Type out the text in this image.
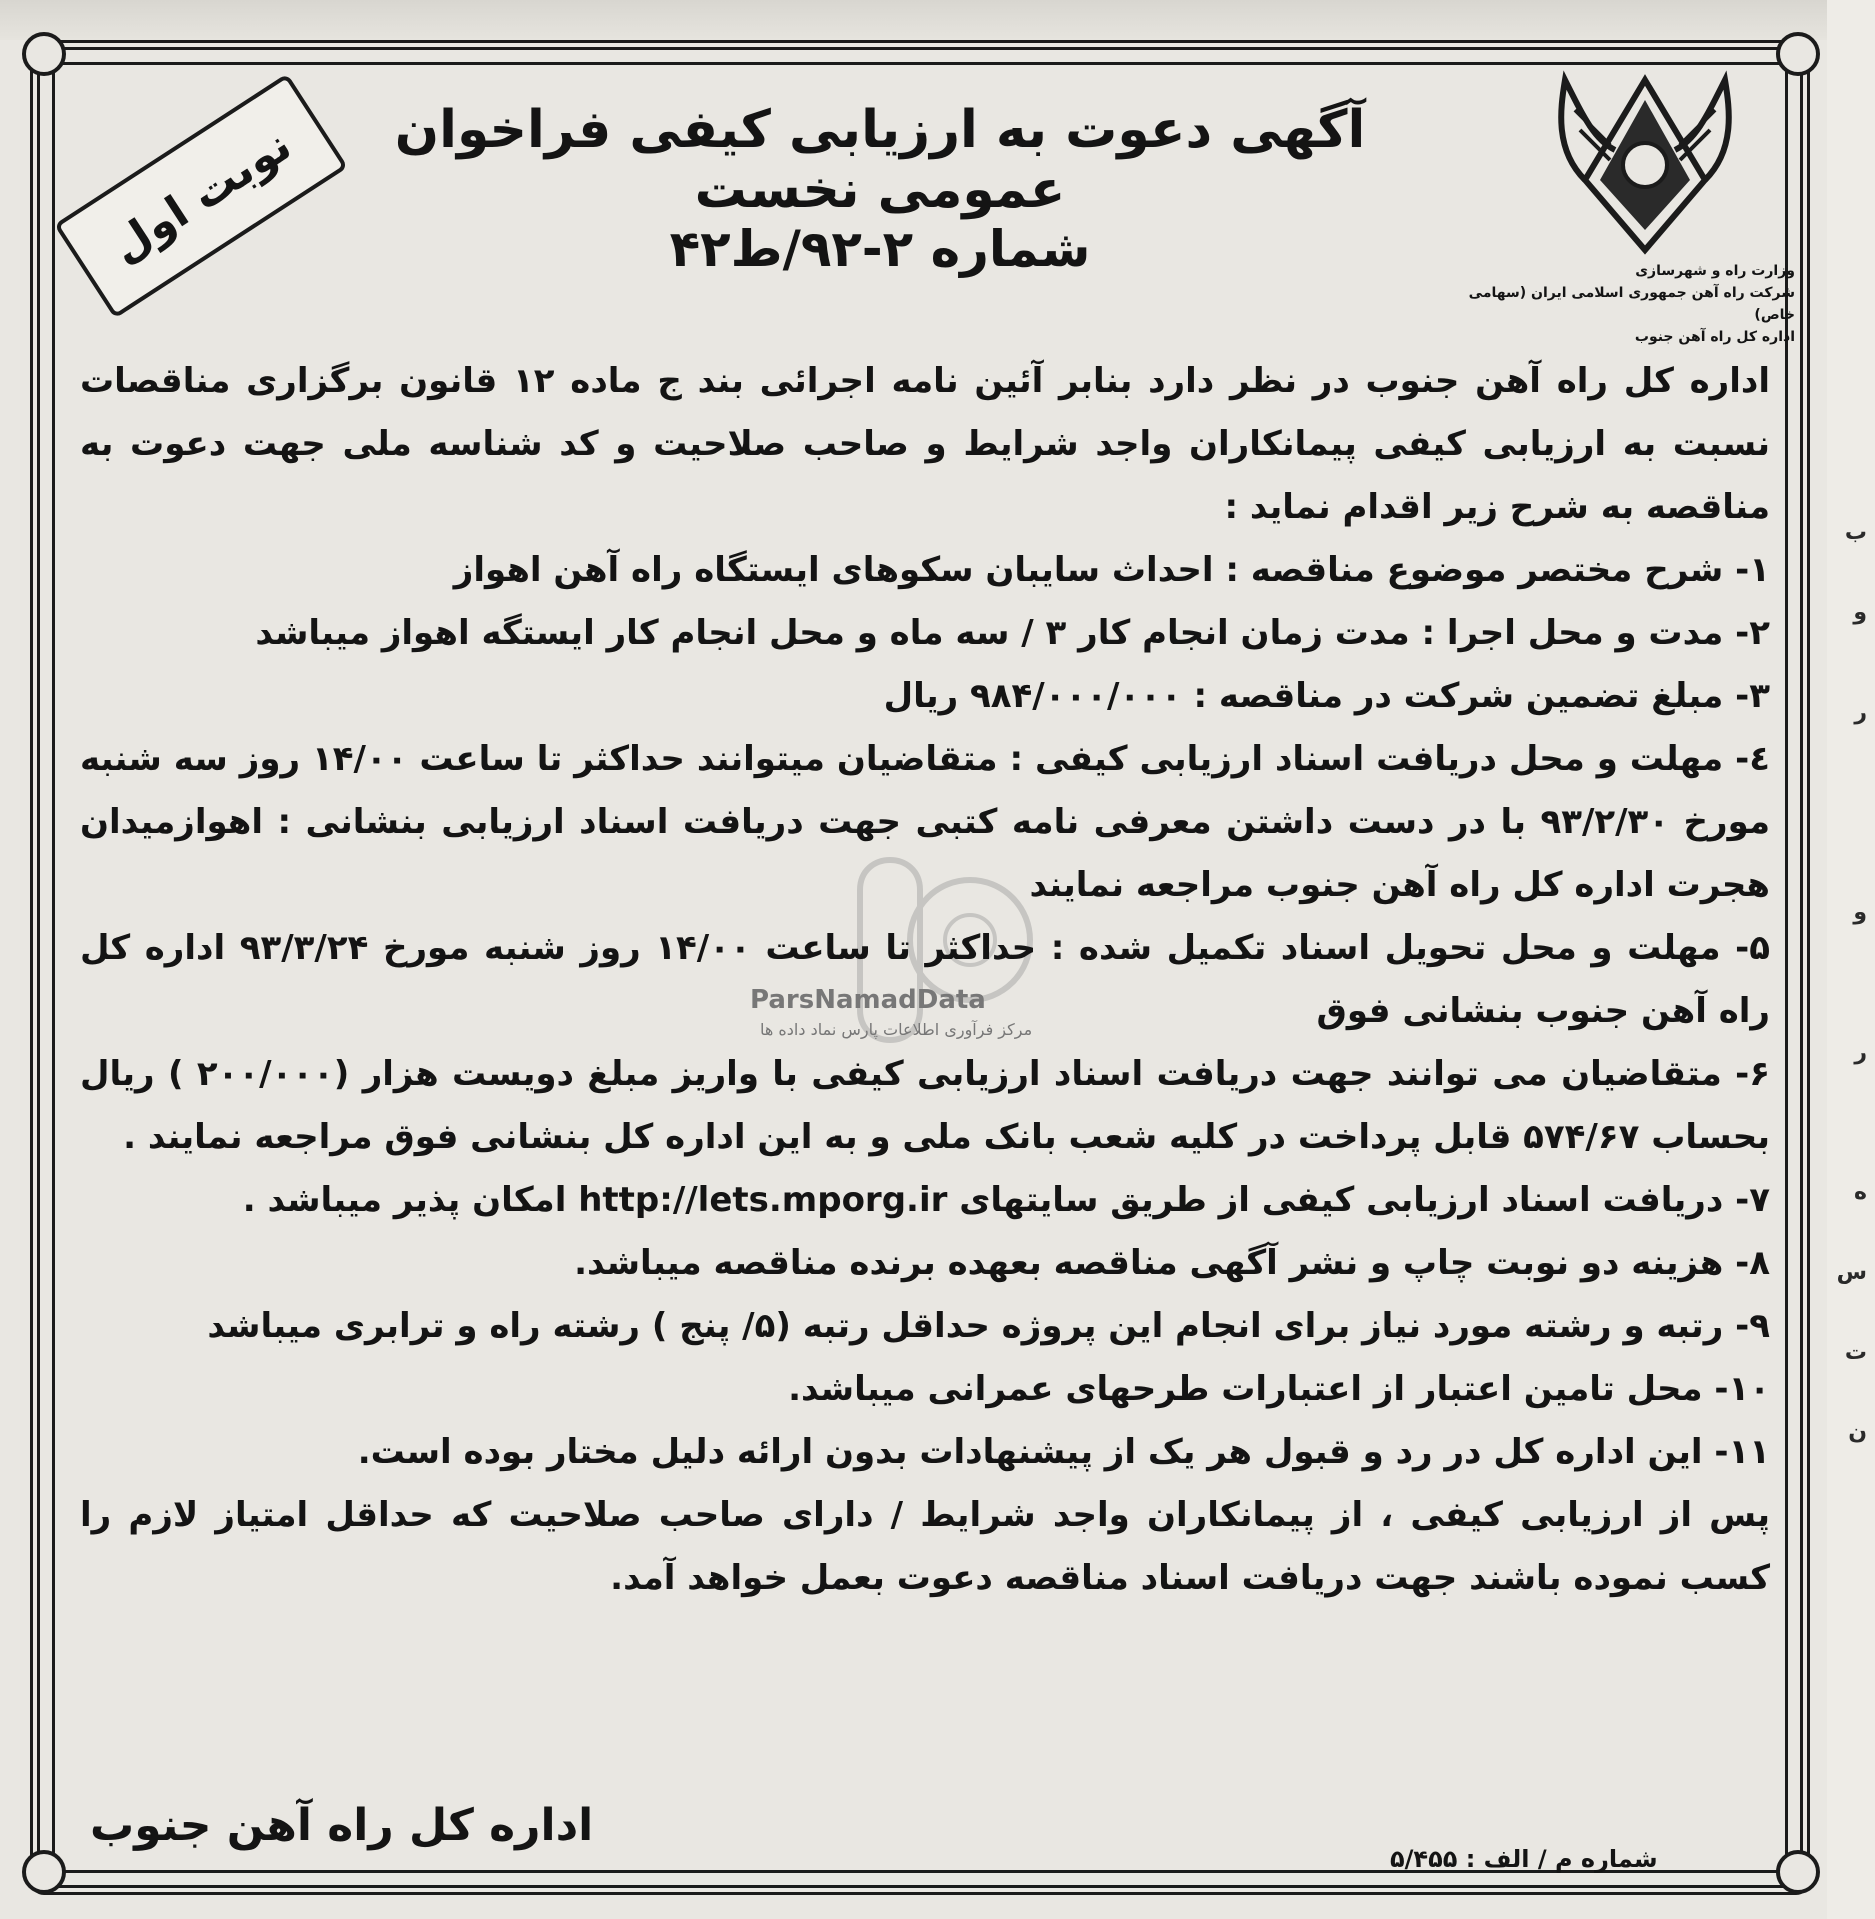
ب
و
ر
و
ر
ه
س
ت
ن
نوبت اول	وزارت راه و شهرسازی
شرکت راه آهن جمهوری اسلامی ایران (سهامی خاص)
اداره کل راه آهن جنوب
آگهی دعوت به ارزیابی کیفی فراخوان عمومی نخست
شماره ۲-۹۲/ط۴۲
ParsNamadData
مرکز فرآوری اطلاعات پارس نماد داده ها

اداره کل راه آهن جنوب در نظر دارد بنابر آئین نامه اجرائی بند ج ماده ۱۲ قانون برگزاری مناقصات نسبت به ارزیابی کیفی پیمانکاران واجد شرایط و صاحب صلاحیت و کد شناسه ملی جهت دعوت به مناقصه به شرح زیر اقدام نماید :

۱- شرح مختصر موضوع مناقصه : احداث سایبان سکوهای ایستگاه راه آهن اهواز

۲- مدت و محل اجرا : مدت زمان انجام کار ۳ / سه ماه و محل انجام کار ایستگه اهواز میباشد

۳- مبلغ تضمین شرکت در مناقصه : ۹۸۴/۰۰۰/۰۰۰ ریال

٤- مهلت و محل دریافت اسناد ارزیابی کیفی : متقاضیان میتوانند حداکثر تا ساعت ۱۴/۰۰ روز سه شنبه مورخ ۹۳/۲/۳۰ با در دست داشتن معرفی نامه کتبی جهت دریافت اسناد ارزیابی بنشانی : اهوازمیدان هجرت اداره کل راه آهن جنوب مراجعه نمایند

۵- مهلت و محل تحویل اسناد تکمیل شده : حداکثر تا ساعت ۱۴/۰۰ روز شنبه مورخ ۹۳/۳/۲۴ اداره کل راه آهن جنوب بنشانی فوق

۶- متقاضیان می توانند جهت دریافت اسناد ارزیابی کیفی با واریز مبلغ دویست هزار (۲۰۰/۰۰۰ ) ریال بحساب ۵۷۴/۶۷ قابل پرداخت در کلیه شعب بانک ملی و به این اداره کل بنشانی فوق مراجعه نمایند .

۷- دریافت اسناد ارزیابی کیفی از طریق سایتهای http://lets.mporg.ir امکان پذیر میباشد .

۸- هزینه دو نوبت چاپ و نشر آگهی مناقصه بعهده برنده مناقصه میباشد.

۹- رتبه و رشته مورد نیاز برای انجام این پروژه حداقل رتبه (۵/ پنج ) رشته راه و ترابری میباشد

۱۰- محل تامین اعتبار از اعتبارات طرحهای عمرانی میباشد.

۱۱- این اداره کل در رد و قبول هر یک از پیشنهادات بدون ارائه دلیل مختار بوده است.

پس از ارزیابی کیفی ، از پیمانکاران واجد شرایط / دارای صاحب صلاحیت که حداقل امتیاز لازم را کسب نموده باشند جهت دریافت اسناد مناقصه دعوت بعمل خواهد آمد.

اداره کل راه آهن جنوب
شماره م / الف : ۵/۴۵۵
